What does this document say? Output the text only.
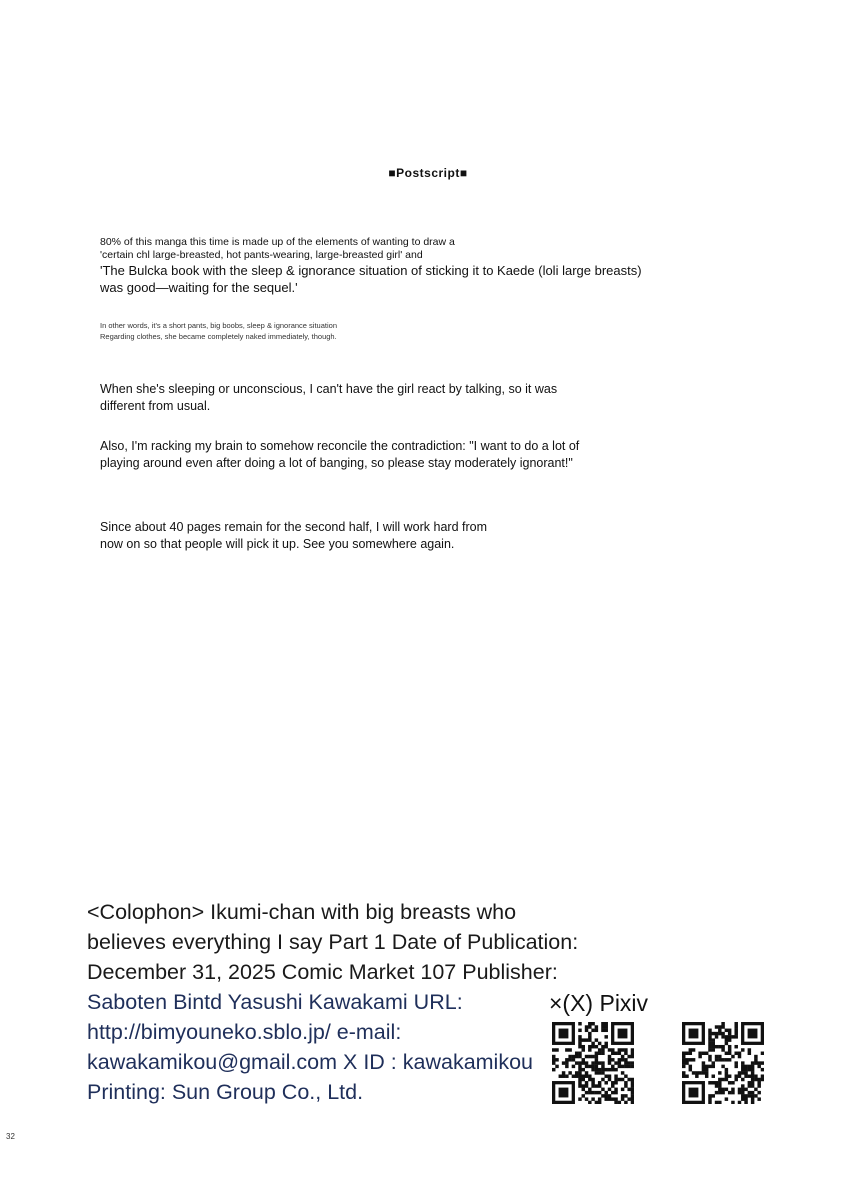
■Postscript■

80% of this manga this time is made up of the elements of wanting to draw a
'certain chl large-breasted, hot pants-wearing, large-breasted girl' and
'The Bulcka book with the sleep & ignorance situation of sticking it to Kaede (loli large breasts)
was good—waiting for the sequel.'

In other words, it's a short pants, big boobs, sleep & ignorance situation
Regarding clothes, she became completely naked immediately, though.

When she's sleeping or unconscious, I can't have the girl react by talking, so it was
different from usual.

Also, I'm racking my brain to somehow reconcile the contradiction: "I want to do a lot of
playing around even after doing a lot of banging, so please stay moderately ignorant!"

Since about 40 pages remain for the second half, I will work hard from
now on so that people will pick it up. See you somewhere again.

<Colophon> Ikumi-chan with big breasts who
believes everything I say Part 1 Date of Publication:
December 31, 2025 Comic Market 107 Publisher:
Saboten Bintd Yasushi Kawakami URL:
http://bimyouneko.sblo.jp/ e-mail:
kawakamikou@gmail.com X ID : kawakamikou
Printing: Sun Group Co., Ltd.
×(X) Pixiv
32
